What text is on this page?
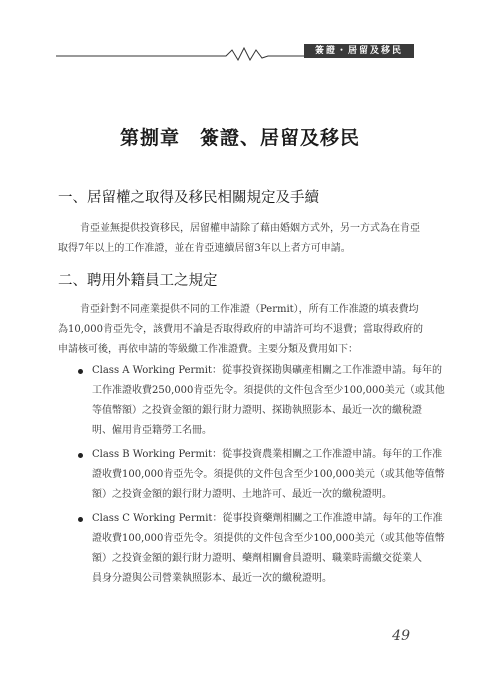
簽證・居留及移民
第捌章　簽證、居留及移民
一、居留權之取得及移民相關規定及手續
肯亞並無提供投資移民，居留權申請除了藉由婚姻方式外，另一方式為在肯亞
取得7年以上的工作准證，並在肯亞連續居留3年以上者方可申請。
二、聘用外籍員工之規定
肯亞針對不同產業提供不同的工作准證（Permit），所有工作准證的填表費均
為10,000肯亞先令，該費用不論是否取得政府的申請許可均不退費；當取得政府的
申請核可後，再依申請的等級繳工作准證費。主要分類及費用如下：
Class A Working Permit：從事投資探勘與礦產相關之工作准證申請。每年的
工作准證收費250,000肯亞先令。須提供的文件包含至少100,000美元（或其他
等值幣額）之投資金額的銀行財力證明、探勘執照影本、最近一次的繳稅證
明、僱用肯亞籍勞工名冊。
Class B Working Permit：從事投資農業相關之工作准證申請。每年的工作准
證收費100,000肯亞先令。須提供的文件包含至少100,000美元（或其他等值幣
額）之投資金額的銀行財力證明、土地許可、最近一次的繳稅證明。
Class C Working Permit：從事投資藥劑相關之工作准證申請。每年的工作准
證收費100,000肯亞先令。須提供的文件包含至少100,000美元（或其他等值幣
額）之投資金額的銀行財力證明、藥劑相關會員證明、職業時需繳交從業人
員身分證與公司營業執照影本、最近一次的繳稅證明。
49
